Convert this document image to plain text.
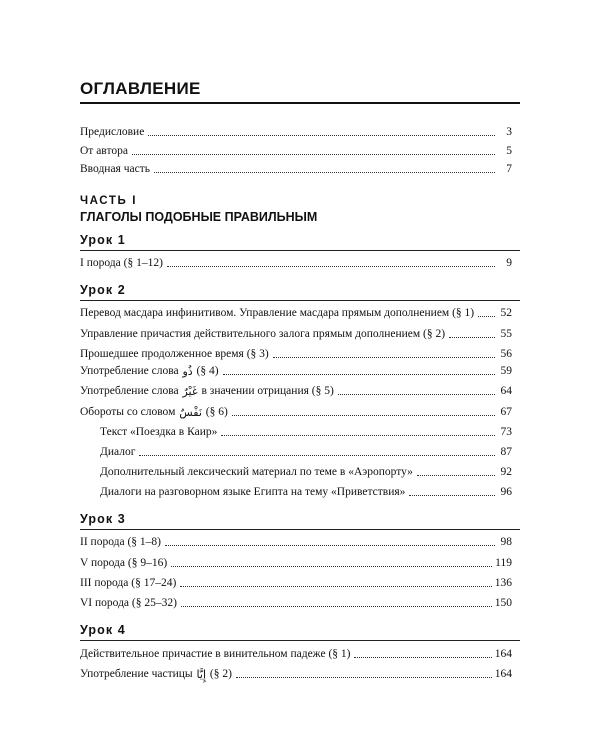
ОГЛАВЛЕНИЕ
Предисловие	3
От автора	5
Вводная часть	7
ЧАСТЬ I
ГЛАГОЛЫ ПОДОБНЫЕ ПРАВИЛЬНЫМ
Урок 1
I порода (§ 1–12)	9
Урок 2
Перевод масдара инфинитивом. Управление масдара прямым дополнением (§ 1) 52
Управление причастия действительного залога прямым дополнением (§ 2)	55
Прошедшее продолженное время (§ 3)	56
Употребление слова ذُو (§ 4)	59
Употребление слова غَيْرٌ в значении отрицания (§ 5)	64
Обороты со словом نَفْسٌ (§ 6)	67
Текст «Поездка в Каир»	73
Диалог	87
Дополнительный лексический материал по теме в «Аэропорту»	92
Диалоги на разговорном языке Египта на тему «Приветствия»	96
Урок 3
II порода (§ 1–8)	98
V порода (§ 9–16)	119
III порода (§ 17–24)	136
VI порода (§ 25–32)	150
Урок 4
Действительное причастие в винительном падеже (§ 1)	164
Употребление частицы إِيَّا (§ 2)	164
